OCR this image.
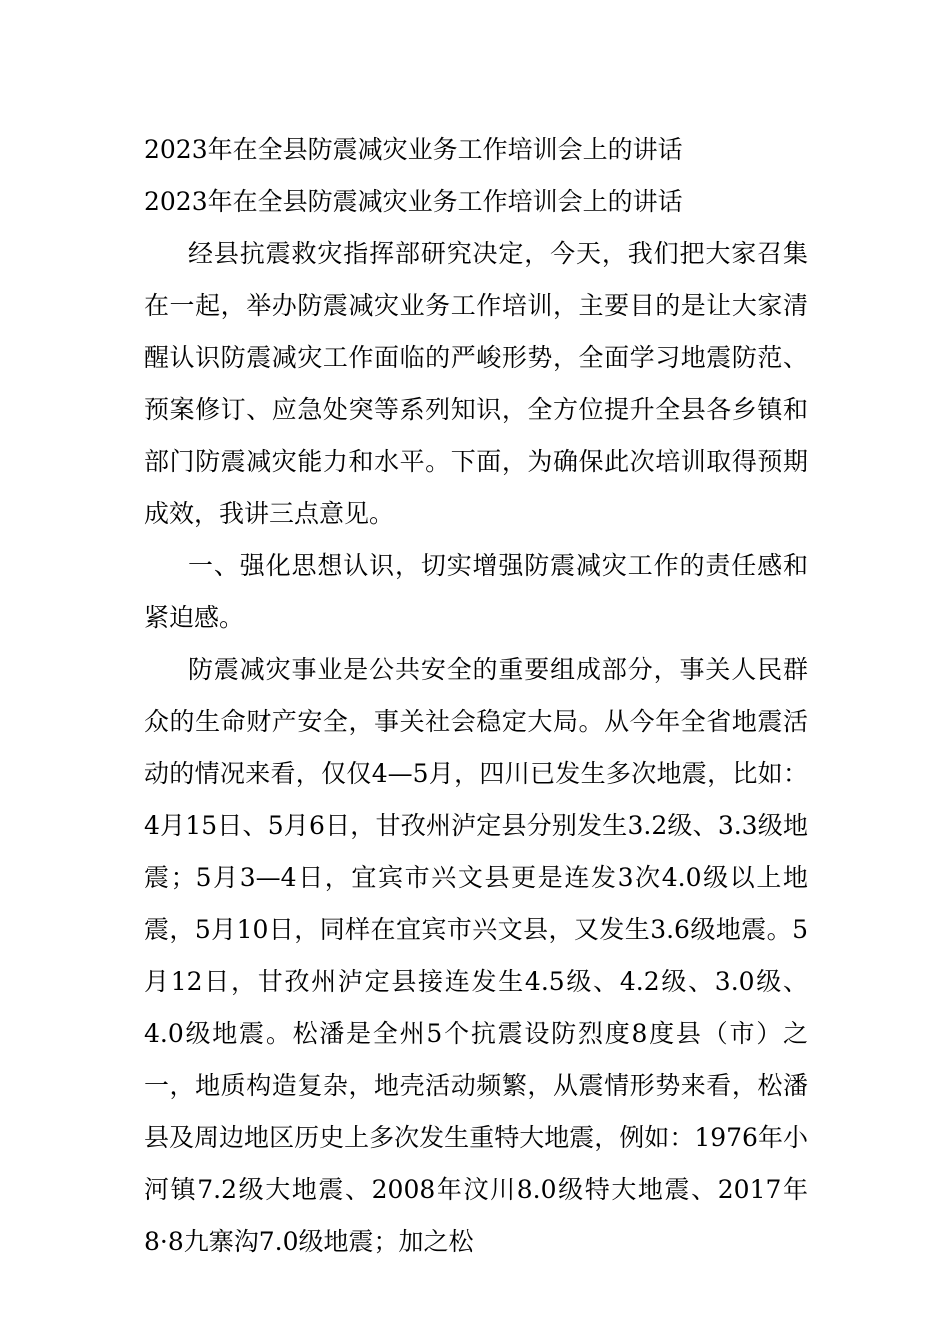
2023年在全县防震减灾业务工作培训会上的讲话

2023年在全县防震减灾业务工作培训会上的讲话

经县抗震救灾指挥部研究决定，今天，我们把大家召集在一起，举办防震减灾业务工作培训，主要目的是让大家清醒认识防震减灾工作面临的严峻形势，全面学习地震防范、预案修订、应急处突等系列知识，全方位提升全县各乡镇和部门防震减灾能力和水平。下面，为确保此次培训取得预期成效，我讲三点意见。

一、强化思想认识，切实增强防震减灾工作的责任感和紧迫感。

防震减灾事业是公共安全的重要组成部分，事关人民群众的生命财产安全，事关社会稳定大局。从今年全省地震活动的情况来看，仅仅4—5月，四川已发生多次地震，比如：4月15日、5月6日，甘孜州泸定县分别发生3.2级、3.3级地震；5月3—4日，宜宾市兴文县更是连发3次4.0级以上地震，5月10日，同样在宜宾市兴文县，又发生3.6级地震。5月12日，甘孜州泸定县接连发生4.5级、4.2级、3.0级、4.0级地震。松潘是全州5个抗震设防烈度8度县（市）之一，地质构造复杂，地壳活动频繁，从震情形势来看，松潘县及周边地区历史上多次发生重特大地震，例如：1976年小河镇7.2级大地震、2008年汶川8.0级特大地震、2017年8·8九寨沟7.0级地震；加之松
